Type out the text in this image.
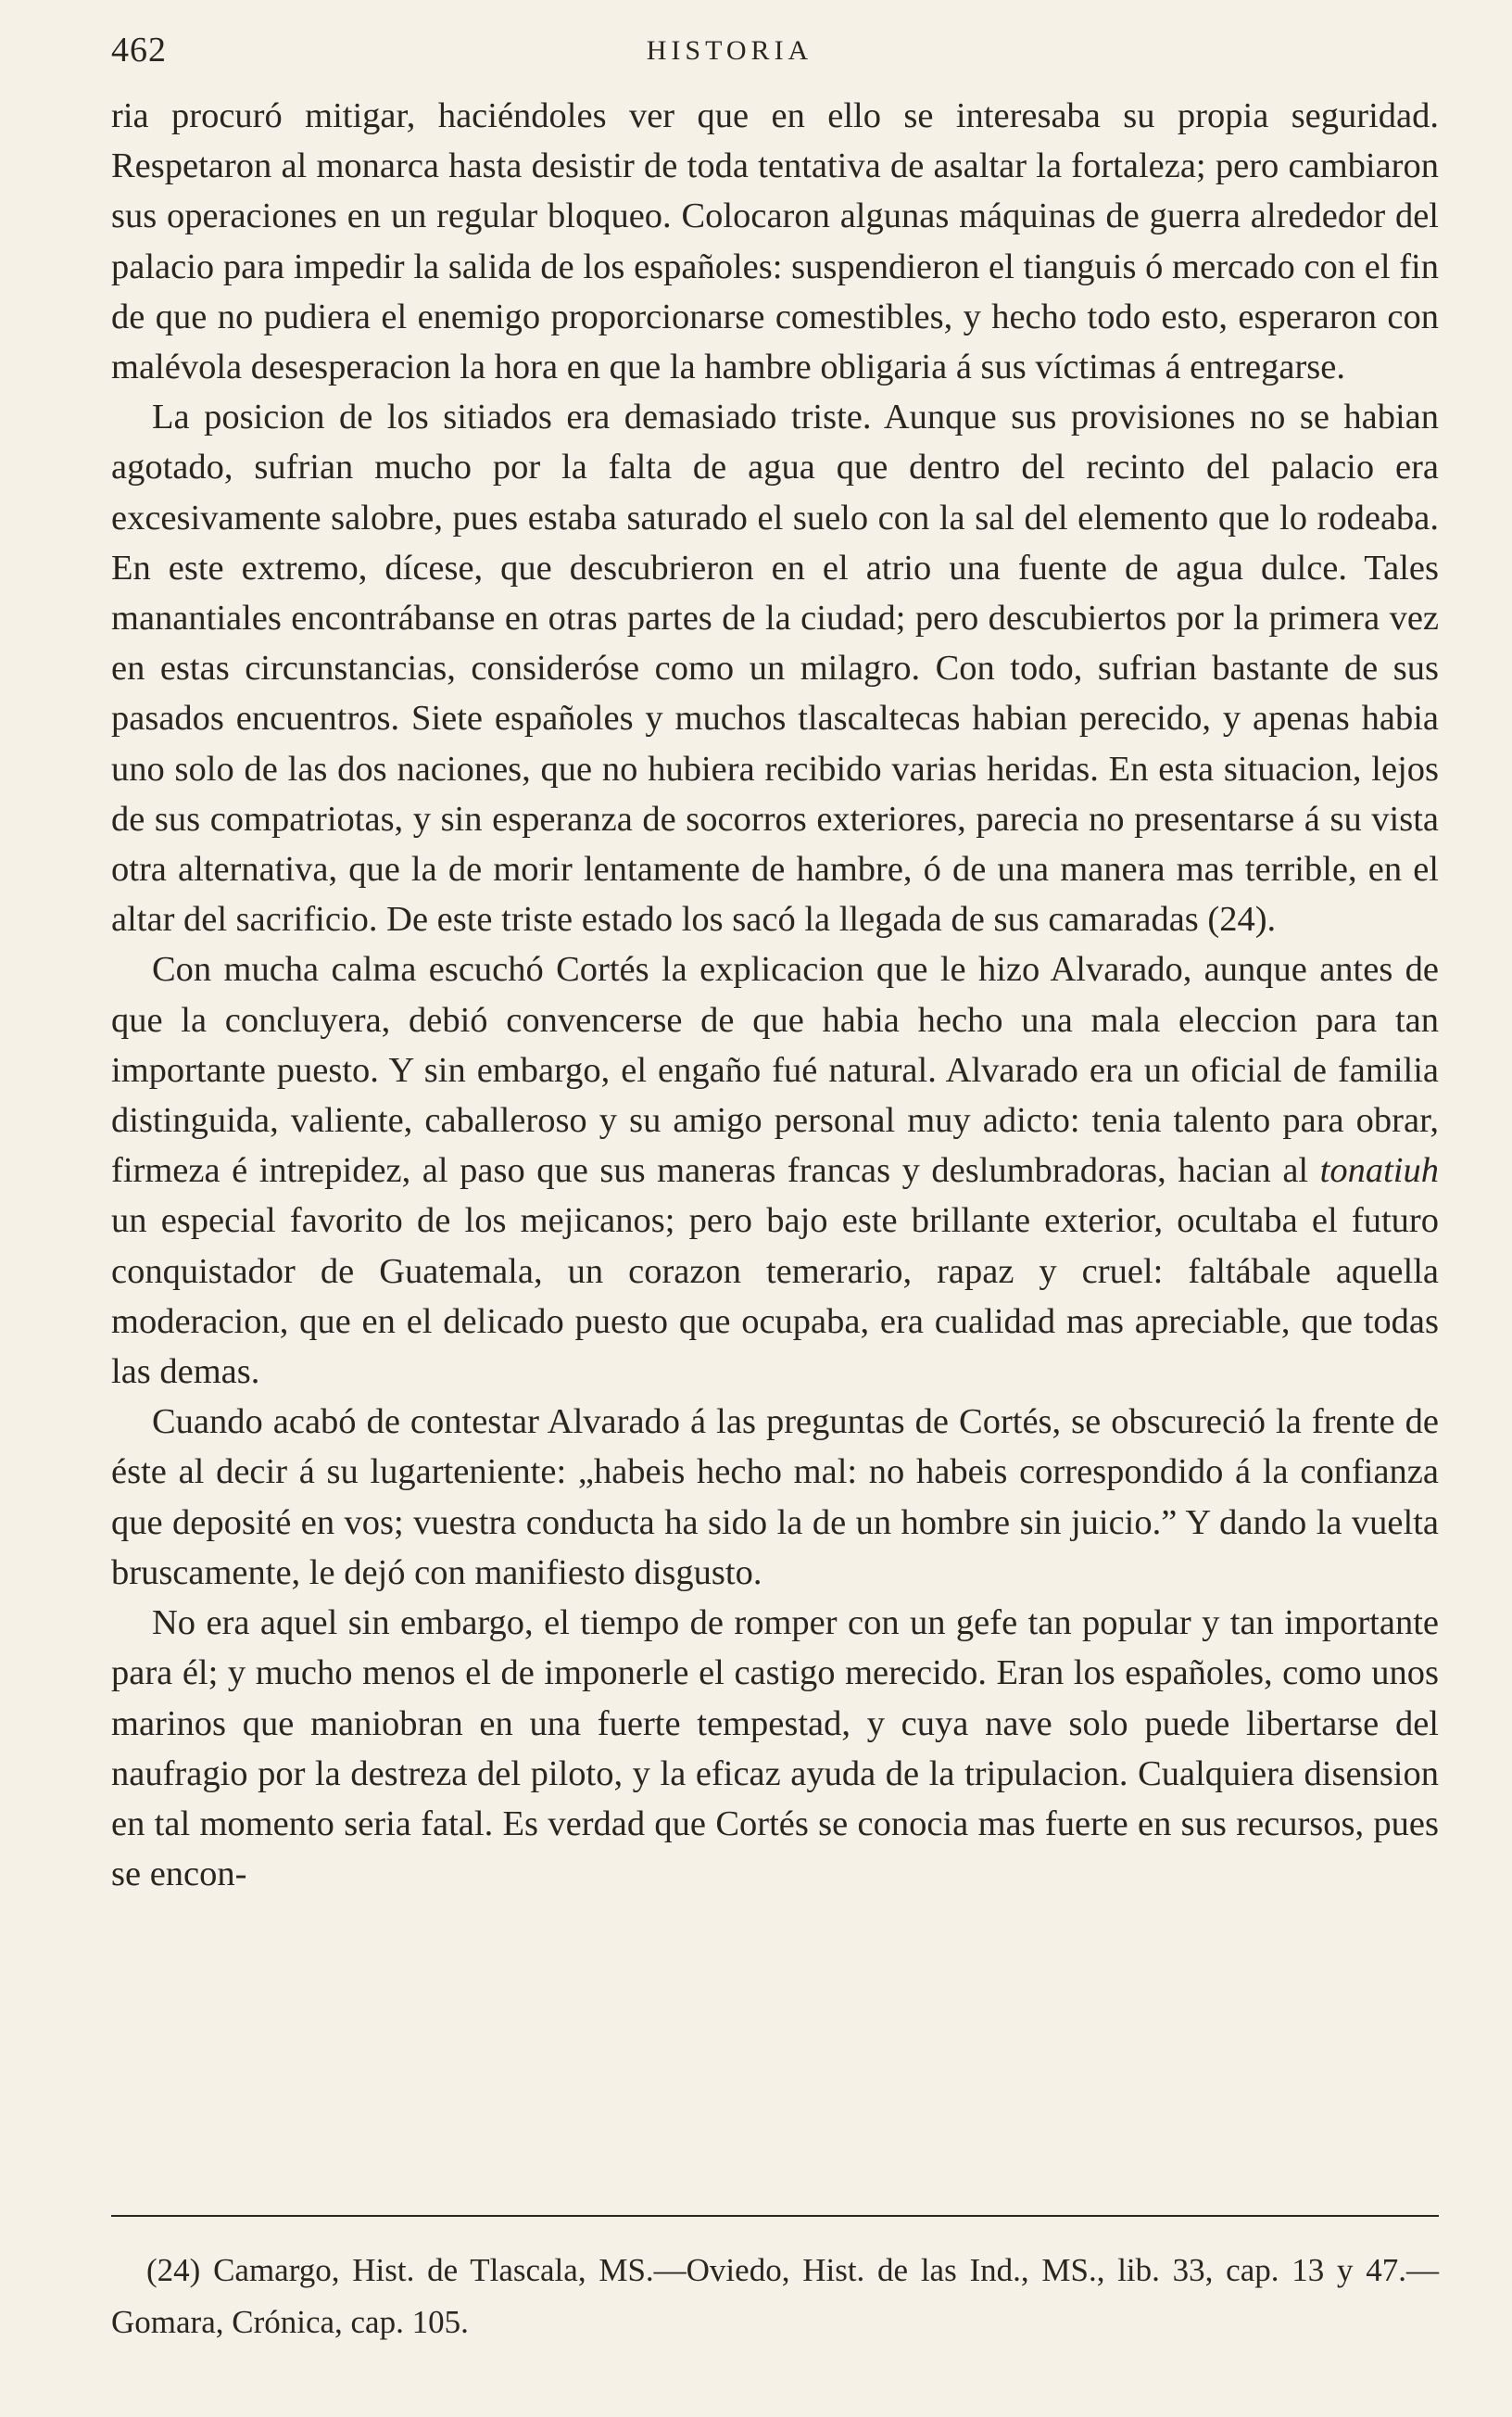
462	HISTORIA

ria procuró mitigar, haciéndoles ver que en ello se interesaba su propia seguridad. Respetaron al monarca hasta desistir de toda tentativa de asaltar la fortaleza; pero cambiaron sus operaciones en un regular bloqueo. Colocaron algunas máquinas de guerra alrededor del palacio para impedir la salida de los españoles: suspendieron el tianguis ó mercado con el fin de que no pudiera el enemigo proporcionarse comestibles, y hecho todo esto, esperaron con malévola desesperacion la hora en que la hambre obligaria á sus víctimas á entregarse.

La posicion de los sitiados era demasiado triste. Aunque sus provisiones no se habian agotado, sufrian mucho por la falta de agua que dentro del recinto del palacio era excesivamente salobre, pues estaba saturado el suelo con la sal del elemento que lo rodeaba. En este extremo, dícese, que descubrieron en el atrio una fuente de agua dulce. Tales manantiales encontrábanse en otras partes de la ciudad; pero descubiertos por la primera vez en estas circunstancias, consideróse como un milagro. Con todo, sufrian bastante de sus pasados encuentros. Siete españoles y muchos tlascaltecas habian perecido, y apenas habia uno solo de las dos naciones, que no hubiera recibido varias heridas. En esta situacion, lejos de sus compatriotas, y sin esperanza de socorros exteriores, parecia no presentarse á su vista otra alternativa, que la de morir lentamente de hambre, ó de una manera mas terrible, en el altar del sacrificio. De este triste estado los sacó la llegada de sus camaradas (24).

Con mucha calma escuchó Cortés la explicacion que le hizo Alvarado, aunque antes de que la concluyera, debió convencerse de que habia hecho una mala eleccion para tan importante puesto. Y sin embargo, el engaño fué natural. Alvarado era un oficial de familia distinguida, valiente, caballeroso y su amigo personal muy adicto: tenia talento para obrar, firmeza é intrepidez, al paso que sus maneras francas y deslumbradoras, hacian al tonatiuh un especial favorito de los mejicanos; pero bajo este brillante exterior, ocultaba el futuro conquistador de Guatemala, un corazon temerario, rapaz y cruel: faltábale aquella moderacion, que en el delicado puesto que ocupaba, era cualidad mas apreciable, que todas las demas.

Cuando acabó de contestar Alvarado á las preguntas de Cortés, se obscureció la frente de éste al decir á su lugarteniente: „habeis hecho mal: no habeis correspondido á la confianza que deposité en vos; vuestra conducta ha sido la de un hombre sin juicio.” Y dando la vuelta bruscamente, le dejó con manifiesto disgusto.

No era aquel sin embargo, el tiempo de romper con un gefe tan popular y tan importante para él; y mucho menos el de imponerle el castigo merecido. Eran los españoles, como unos marinos que maniobran en una fuerte tempestad, y cuya nave solo puede libertarse del naufragio por la destreza del piloto, y la eficaz ayuda de la tripulacion. Cualquiera disension en tal momento seria fatal. Es verdad que Cortés se conocia mas fuerte en sus recursos, pues se encon-

(24) Camargo, Hist. de Tlascala, MS.—Oviedo, Hist. de las Ind., MS., lib. 33, cap. 13 y 47.—Gomara, Crónica, cap. 105.
